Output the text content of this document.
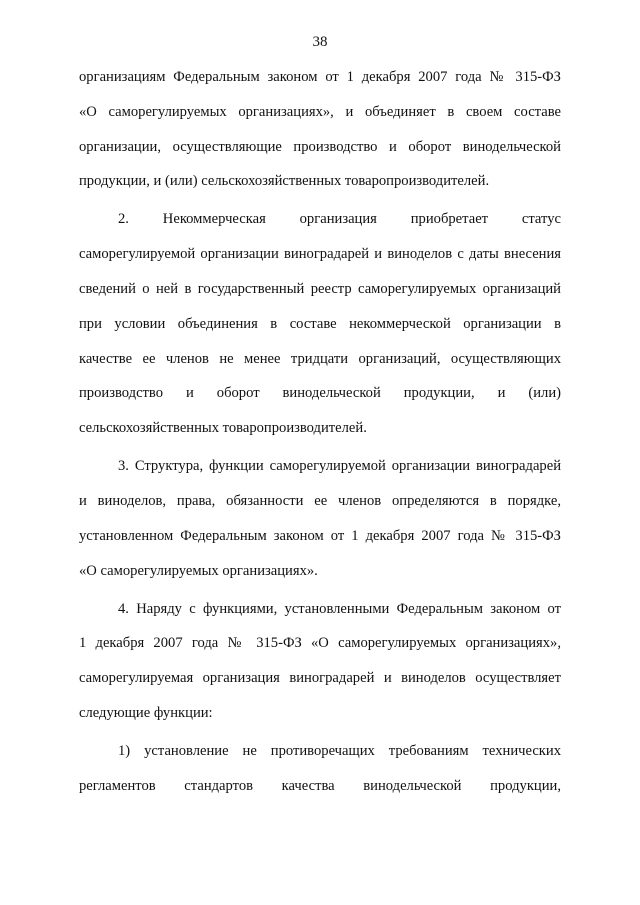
38
организациям Федеральным законом от 1 декабря 2007 года № 315-ФЗ
«О саморегулируемых организациях», и объединяет в своем составе
организации, осуществляющие производство и оборот винодельческой
продукции, и (или) сельскохозяйственных товаропроизводителей.
2. Некоммерческая организация приобретает статус
саморегулируемой организации виноградарей и виноделов с даты внесения
сведений о ней в государственный реестр саморегулируемых организаций
при условии объединения в составе некоммерческой организации в
качестве ее членов не менее тридцати организаций, осуществляющих
производство и оборот винодельческой продукции, и (или)
сельскохозяйственных товаропроизводителей.
3. Структура, функции саморегулируемой организации виноградарей
и виноделов, права, обязанности ее членов определяются в порядке,
установленном Федеральным законом от 1 декабря 2007 года № 315-ФЗ
«О саморегулируемых организациях».
4. Наряду с функциями, установленными Федеральным законом от
1 декабря 2007 года № 315-ФЗ «О саморегулируемых организациях»,
саморегулируемая организация виноградарей и виноделов осуществляет
следующие функции:
1) установление не противоречащих требованиям технических
регламентов стандартов качества винодельческой продукции,
